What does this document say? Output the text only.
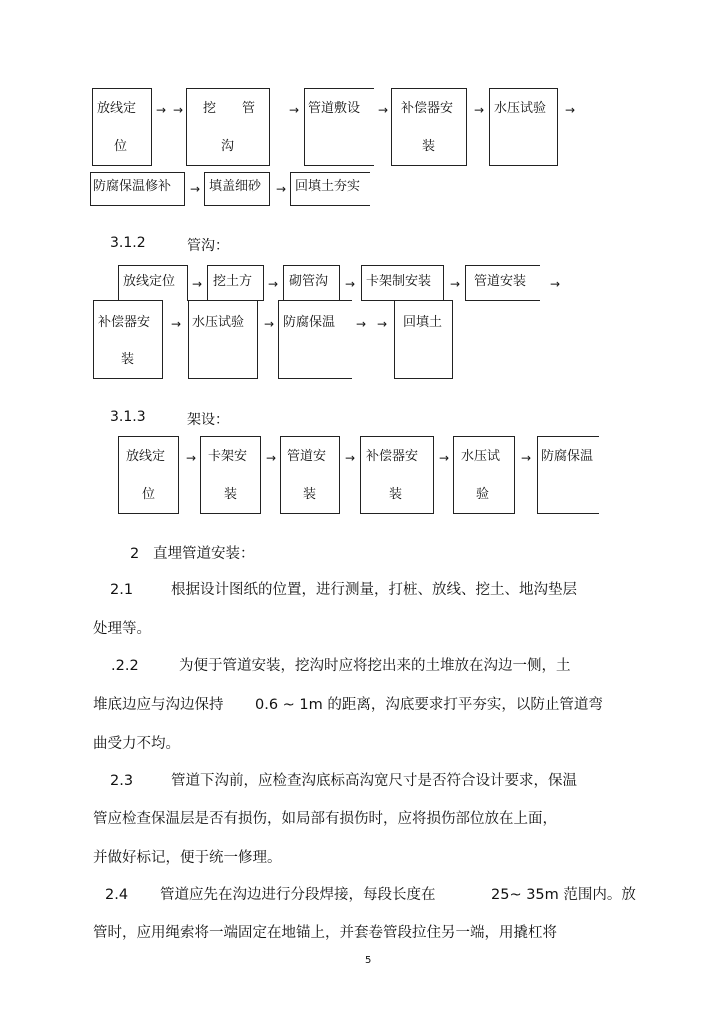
放线定
位
→ → 挖　　管
沟
→ 管道敷设 → 补偿器安
装
→ 水压试验 →
防腐保温修补 → 填盖细砂 → 回填土夯实
3.1.2	管沟：
放线定位 → 挖土方 → 砌管沟 → 卡架制安装 → 管道安装 →
补偿器安
装
→ 水压试验 → 防腐保温 → → 回填土
3.1.3	架设：
放线定
位
→ 卡架安
装
→ 管道安
装
→ 补偿器安
装
→ 水压试
验
→ 防腐保温
2 直埋管道安装：
2.1	根据设计图纸的位置，进行测量，打桩、放线、挖土、地沟垫层
处理等。
.2.2	为便于管道安装，挖沟时应将挖出来的土堆放在沟边一侧，土
堆底边应与沟边保持 0.6 ~ 1m 的距离，沟底要求打平夯实，以防止管道弯
曲受力不均。
2.3	管道下沟前，应检查沟底标高沟宽尺寸是否符合设计要求，保温
管应检查保温层是否有损伤，如局部有损伤时，应将损伤部位放在上面，
并做好标记，便于统一修理。
2.4 管道应先在沟边进行分段焊接，每段长度在	25~ 35m 范围内。放
管时，应用绳索将一端固定在地锚上，并套卷管段拉住另一端，用撬杠将
5
